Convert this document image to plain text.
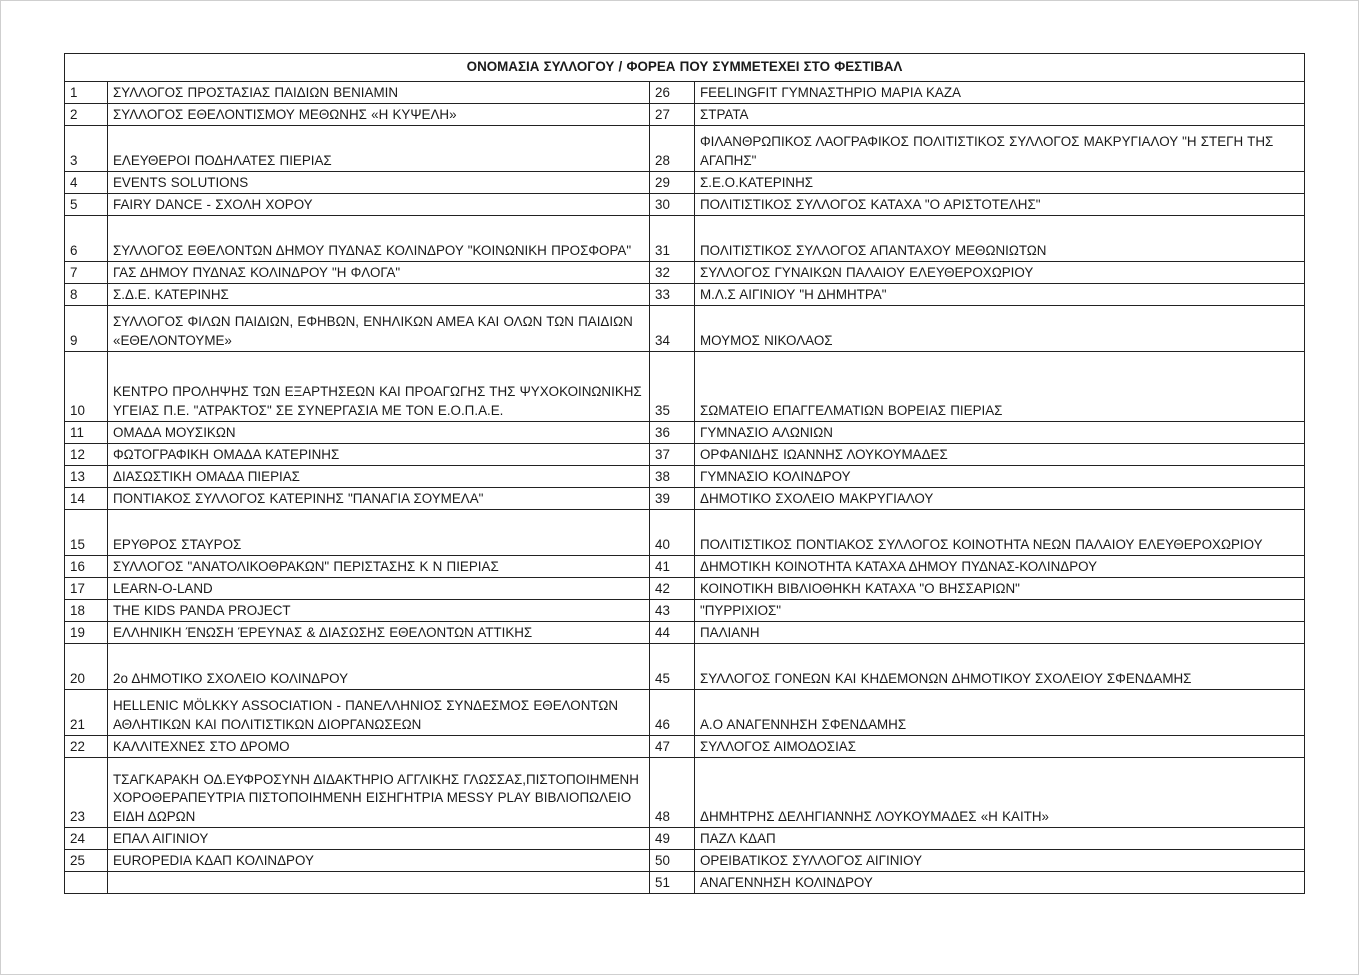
ΟΝΟΜΑΣΙΑ ΣΥΛΛΟΓΟΥ / ΦΟΡΕΑ ΠΟΥ ΣΥΜΜΕΤΕΧΕΙ ΣΤΟ ΦΕΣΤΙΒΑΛ			
1	ΣΥΛΛΟΓΟΣ ΠΡΟΣΤΑΣΙΑΣ ΠΑΙΔΙΩΝ ΒΕΝΙΑΜΙΝ	26	FEELINGFIT ΓΥΜΝΑΣΤΗΡΙΟ ΜΑΡΙΑ ΚΑΖΑ
2	ΣΥΛΛΟΓΟΣ ΕΘΕΛΟΝΤΙΣΜΟΥ ΜΕΘΩΝΗΣ «Η ΚΥΨΕΛΗ»	27	ΣΤΡΑΤΑ
3	ΕΛΕΥΘΕΡΟΙ ΠΟΔΗΛΑΤΕΣ ΠΙΕΡΙΑΣ	28	ΦΙΛΑΝΘΡΩΠΙΚΟΣ ΛΑΟΓΡΑΦΙΚΟΣ ΠΟΛΙΤΙΣΤΙΚΟΣ ΣΥΛΛΟΓΟΣ ΜΑΚΡΥΓΙΑΛΟΥ "Η ΣΤΕΓΗ ΤΗΣ ΑΓΑΠΗΣ"
4	EVENTS SOLUTIONS	29	Σ.Ε.Ο.ΚΑΤΕΡΙΝΗΣ
5	FAIRY DANCE - ΣΧΟΛΗ ΧΟΡΟΥ	30	ΠΟΛΙΤΙΣΤΙΚΟΣ ΣΥΛΛΟΓΟΣ ΚΑΤΑΧΑ "Ο ΑΡΙΣΤΟΤΕΛΗΣ"
6	ΣΥΛΛΟΓΟΣ ΕΘΕΛΟΝΤΩΝ ΔΗΜΟΥ ΠΥΔΝΑΣ ΚΟΛΙΝΔΡΟΥ "ΚΟΙΝΩΝΙΚΗ ΠΡΟΣΦΟΡΑ"	31	ΠΟΛΙΤΙΣΤΙΚΟΣ ΣΥΛΛΟΓΟΣ ΑΠΑΝΤΑΧΟΥ ΜΕΘΩΝΙΩΤΩΝ
7	ΓΑΣ ΔΗΜΟΥ ΠΥΔΝΑΣ ΚΟΛΙΝΔΡΟΥ "Η ΦΛΟΓΑ"	32	ΣΥΛΛΟΓΟΣ ΓΥΝΑΙΚΩΝ ΠΑΛΑΙΟΥ ΕΛΕΥΘΕΡΟΧΩΡΙΟΥ
8	Σ.Δ.Ε. ΚΑΤΕΡΙΝΗΣ	33	Μ.Λ.Σ ΑΙΓΙΝΙΟΥ "Η ΔΗΜΗΤΡΑ"
9	ΣΥΛΛΟΓΟΣ ΦΙΛΩΝ ΠΑΙΔΙΩΝ, ΕΦΗΒΩΝ, ΕΝΗΛΙΚΩΝ ΑΜΕΑ ΚΑΙ ΟΛΩΝ ΤΩΝ ΠΑΙΔΙΩΝ «ΕΘΕΛΟΝΤΟΥΜΕ»	34	ΜΟΥΜΟΣ ΝΙΚΟΛΑΟΣ
10	ΚΕΝΤΡΟ ΠΡΟΛΗΨΗΣ ΤΩΝ ΕΞΑΡΤΗΣΕΩΝ ΚΑΙ ΠΡΟΑΓΩΓΗΣ ΤΗΣ ΨΥΧΟΚΟΙΝΩΝΙΚΗΣ ΥΓΕΙΑΣ Π.Ε. "ΑΤΡΑΚΤΟΣ" ΣΕ ΣΥΝΕΡΓΑΣΙΑ ΜΕ ΤΟΝ Ε.Ο.Π.Α.Ε.	35	ΣΩΜΑΤΕΙΟ ΕΠΑΓΓΕΛΜΑΤΙΩΝ ΒΟΡΕΙΑΣ ΠΙΕΡΙΑΣ
11	ΟΜΑΔΑ ΜΟΥΣΙΚΩΝ	36	ΓΥΜΝΑΣΙΟ ΑΛΩΝΙΩΝ
12	ΦΩΤΟΓΡΑΦΙΚΗ ΟΜΑΔΑ ΚΑΤΕΡΙΝΗΣ	37	ΟΡΦΑΝΙΔΗΣ ΙΩΑΝΝΗΣ ΛΟΥΚΟΥΜΑΔΕΣ
13	ΔΙΑΣΩΣΤΙΚΗ ΟΜΑΔΑ ΠΙΕΡΙΑΣ	38	ΓΥΜΝΑΣΙΟ ΚΟΛΙΝΔΡΟΥ
14	ΠΟΝΤΙΑΚΟΣ ΣΥΛΛΟΓΟΣ ΚΑΤΕΡΙΝΗΣ "ΠΑΝΑΓΙΑ ΣΟΥΜΕΛΑ"	39	ΔΗΜΟΤΙΚΟ ΣΧΟΛΕΙΟ ΜΑΚΡΥΓΙΑΛΟΥ
15	ΕΡΥΘΡΟΣ ΣΤΑΥΡΟΣ	40	ΠΟΛΙΤΙΣΤΙΚΟΣ ΠΟΝΤΙΑΚΟΣ ΣΥΛΛΟΓΟΣ ΚΟΙΝΟΤΗΤΑ ΝΕΩΝ ΠΑΛΑΙΟΥ ΕΛΕΥΘΕΡΟΧΩΡΙΟΥ
16	ΣΥΛΛΟΓΟΣ "ΑΝΑΤΟΛΙΚΟΘΡΑΚΩΝ" ΠΕΡΙΣΤΑΣΗΣ Κ Ν ΠΙΕΡΙΑΣ	41	ΔΗΜΟΤΙΚΗ ΚΟΙΝΟΤΗΤΑ ΚΑΤΑΧΑ ΔΗΜΟΥ ΠΥΔΝΑΣ-ΚΟΛΙΝΔΡΟΥ
17	LEARN-O-LAND	42	ΚΟΙΝΟΤΙΚΗ ΒΙΒΛΙΟΘΗΚΗ ΚΑΤΑΧΑ "Ο ΒΗΣΣΑΡΙΩΝ"
18	THE KIDS PANDA PROJECT	43	"ΠΥΡΡΙΧΙΟΣ"
19	ΕΛΛΗΝΙΚΗ ΈΝΩΣΗ ΈΡΕΥΝΑΣ & ΔΙΑΣΩΣΗΣ ΕΘΕΛΟΝΤΩΝ ΑΤΤΙΚΗΣ	44	ΠΑΛΙΑΝΗ
20	2ο ΔΗΜΟΤΙΚΟ ΣΧΟΛΕΙΟ ΚΟΛΙΝΔΡΟΥ	45	ΣΥΛΛΟΓΟΣ ΓΟΝΕΩΝ ΚΑΙ ΚΗΔΕΜΟΝΩΝ ΔΗΜΟΤΙΚΟΥ ΣΧΟΛΕΙΟΥ ΣΦΕΝΔΑΜΗΣ
21	HELLENIC MÖLKKY ASSOCIATION - ΠΑΝΕΛΛΗΝΙΟΣ ΣΥΝΔΕΣΜΟΣ ΕΘΕΛΟΝΤΩΝ ΑΘΛΗΤΙΚΩΝ ΚΑΙ ΠΟΛΙΤΙΣΤΙΚΩΝ ΔΙΟΡΓΑΝΩΣΕΩΝ	46	Α.Ο ΑΝΑΓΕΝΝΗΣΗ ΣΦΕΝΔΑΜΗΣ
22	ΚΑΛΛΙΤΕΧΝΕΣ ΣΤΟ ΔΡΟΜΟ	47	ΣΥΛΛΟΓΟΣ ΑΙΜΟΔΟΣΙΑΣ
23	ΤΣΑΓΚΑΡΑΚΗ ΟΔ.ΕΥΦΡΟΣΥΝΗ ΔΙΔΑΚΤΗΡΙΟ ΑΓΓΛΙΚΗΣ ΓΛΩΣΣΑΣ,ΠΙΣΤΟΠΟΙΗΜΕΝΗ ΧΟΡΟΘΕΡΑΠΕΥΤΡΙΑ ΠΙΣΤΟΠΟΙΗΜΕΝΗ ΕΙΣΗΓΗΤΡΙΑ MESSY PLAY ΒΙΒΛΙΟΠΩΛΕΙΟ ΕΙΔΗ ΔΩΡΩΝ	48	ΔΗΜΗΤΡΗΣ ΔΕΛΗΓΙΑΝΝΗΣ ΛΟΥΚΟΥΜΑΔΕΣ «Η ΚΑΙΤΗ»
24	ΕΠΑΛ ΑΙΓΙΝΙΟΥ	49	ΠΑΖΛ ΚΔΑΠ
25	EUROPEDIA ΚΔΑΠ ΚΟΛΙΝΔΡΟΥ	50	ΟΡΕΙΒΑΤΙΚΟΣ ΣΥΛΛΟΓΟΣ ΑΙΓΙΝΙΟΥ
		51	ΑΝΑΓΕΝΝΗΣΗ ΚΟΛΙΝΔΡΟΥ
